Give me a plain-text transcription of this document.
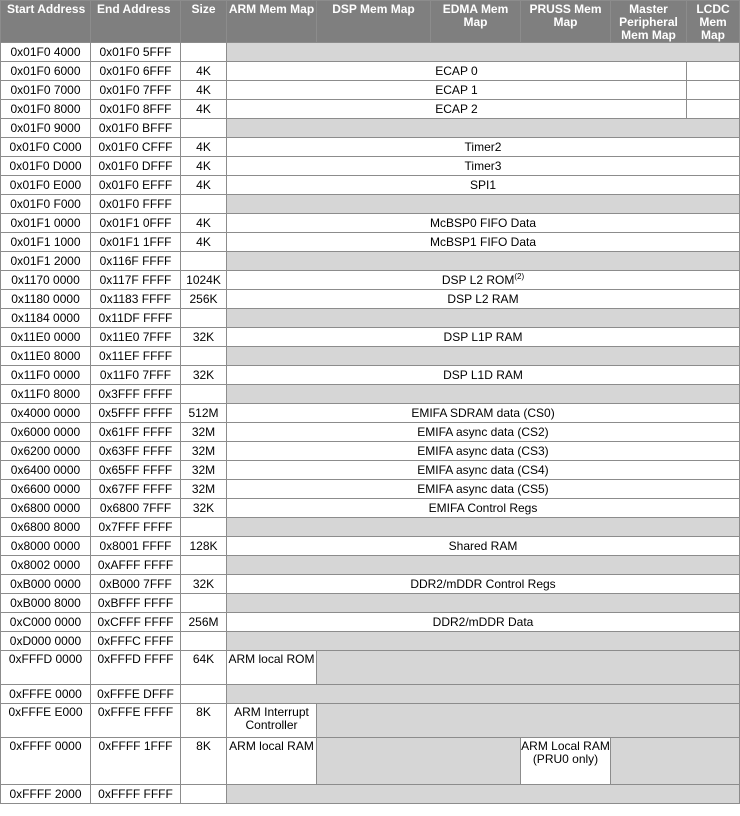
Start Address	End Address	Size	ARM Mem Map	DSP Mem Map	EDMA Mem Map	PRUSS Mem Map	Master Peripheral Mem Map	LCDC Mem Map
0x01F0 4000	0x01F0 5FFF							
0x01F0 6000	0x01F0 6FFF	4K	ECAP 0					
0x01F0 7000	0x01F0 7FFF	4K	ECAP 1					
0x01F0 8000	0x01F0 8FFF	4K	ECAP 2					
0x01F0 9000	0x01F0 BFFF							
0x01F0 C000	0x01F0 CFFF	4K	Timer2					
0x01F0 D000	0x01F0 DFFF	4K	Timer3					
0x01F0 E000	0x01F0 EFFF	4K	SPI1					
0x01F0 F000	0x01F0 FFFF							
0x01F1 0000	0x01F1 0FFF	4K	McBSP0 FIFO Data					
0x01F1 1000	0x01F1 1FFF	4K	McBSP1 FIFO Data					
0x01F1 2000	0x116F FFFF							
0x1170 0000	0x117F FFFF	1024K	DSP L2 ROM$^{(2)}$
0x1180 0000	0x1183 FFFF	256K	DSP L2 RAM					
0x1184 0000	0x11DF FFFF							
0x11E0 0000	0x11E0 7FFF	32K	DSP L1P RAM					
0x11E0 8000	0x11EF FFFF							
0x11F0 0000	0x11F0 7FFF	32K	DSP L1D RAM					
0x11F0 8000	0x3FFF FFFF							
0x4000 0000	0x5FFF FFFF	512M	EMIFA SDRAM data (CS0)					
0x6000 0000	0x61FF FFFF	32M	EMIFA async data (CS2)					
0x6200 0000	0x63FF FFFF	32M	EMIFA async data (CS3)					
0x6400 0000	0x65FF FFFF	32M	EMIFA async data (CS4)					
0x6600 0000	0x67FF FFFF	32M	EMIFA async data (CS5)					
0x6800 0000	0x6800 7FFF	32K	EMIFA Control Regs					
0x6800 8000	0x7FFF FFFF							
0x8000 0000	0x8001 FFFF	128K	Shared RAM					
0x8002 0000	0xAFFF FFFF							
0xB000 0000	0xB000 7FFF	32K	DDR2/mDDR Control Regs					
0xB000 8000	0xBFFF FFFF							
0xC000 0000	0xCFFF FFFF	256M	DDR2/mDDR Data					
0xD000 0000	0xFFFC FFFF							
0xFFFD 0000	0xFFFD FFFF	64K	ARM local ROM					
0xFFFE 0000	0xFFFE DFFF							
0xFFFE E000	0xFFFE FFFF	8K	ARM Interrupt Controller					
0xFFFF 0000	0xFFFF 1FFF	8K	ARM local RAM			ARM Local RAM (PRU0 only)		
0xFFFF 2000	0xFFFF FFFF							
